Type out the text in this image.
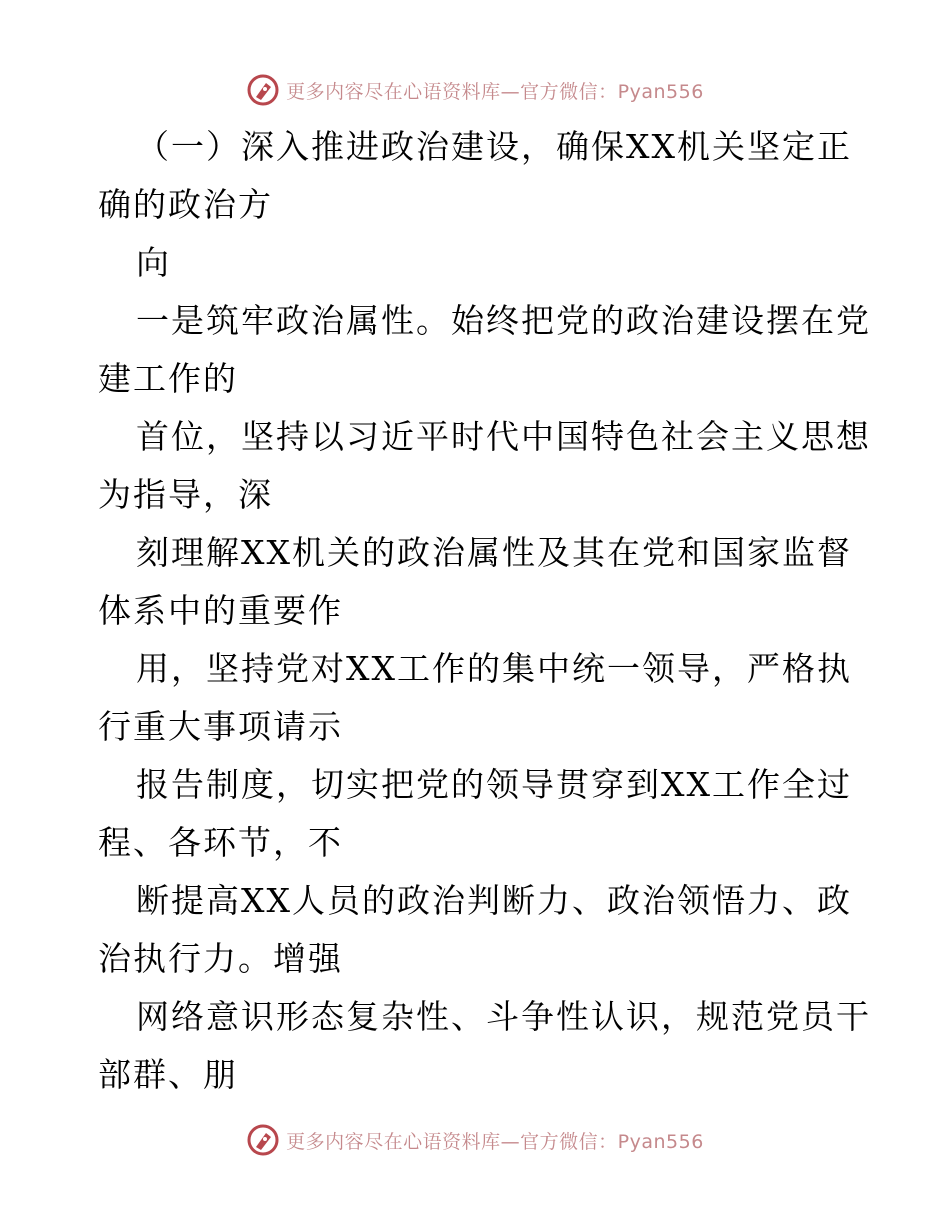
更多内容尽在心语资料库—官方微信：Pyan556
（一）深入推进政治建设，确保XX机关坚定正
确的政治方
向
一是筑牢政治属性。始终把党的政治建设摆在党
建工作的
首位，坚持以习近平时代中国特色社会主义思想
为指导，深
刻理解XX机关的政治属性及其在党和国家监督
体系中的重要作
用，坚持党对XX工作的集中统一领导，严格执
行重大事项请示
报告制度，切实把党的领导贯穿到XX工作全过
程、各环节，不
断提高XX人员的政治判断力、政治领悟力、政
治执行力。增强
网络意识形态复杂性、斗争性认识，规范党员干
部群、朋
更多内容尽在心语资料库—官方微信：Pyan556
